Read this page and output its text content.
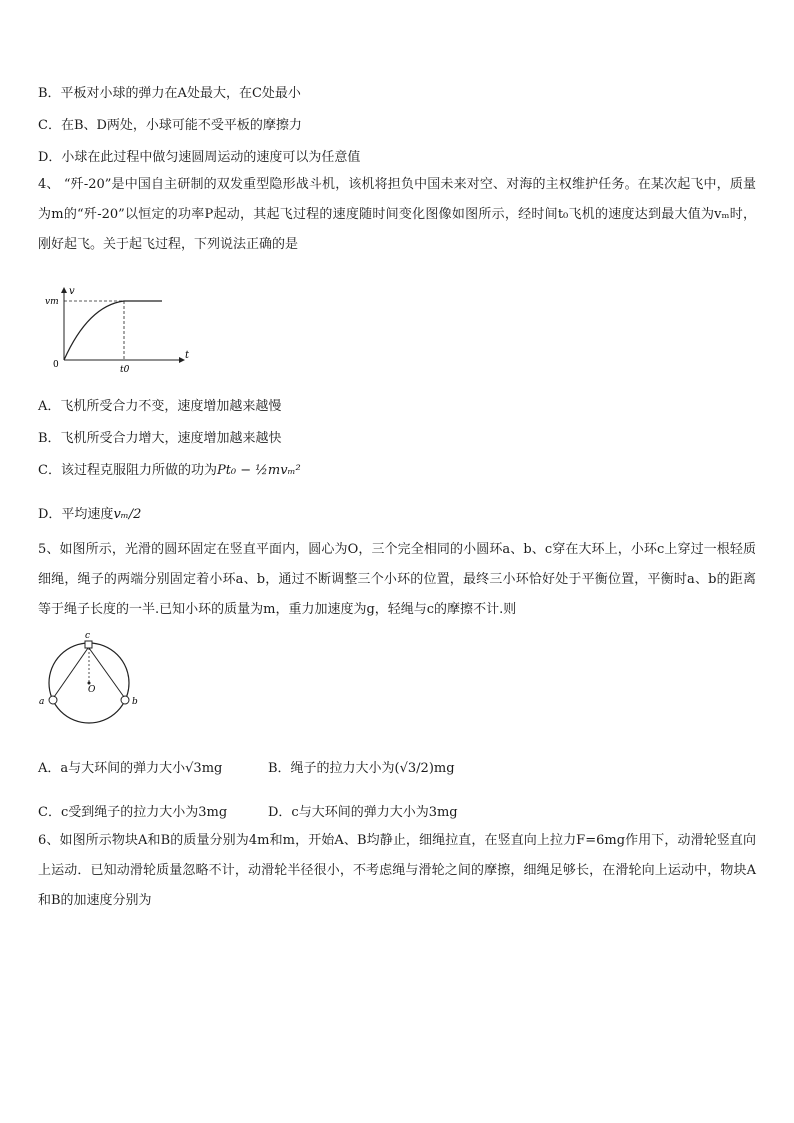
B．平板对小球的弹力在A处最大，在C处最小
C．在B、D两处，小球可能不受平板的摩擦力
D．小球在此过程中做匀速圆周运动的速度可以为任意值
4、 “歼-20”是中国自主研制的双发重型隐形战斗机，该机将担负中国未来对空、对海的主权维护任务。在某次起飞中，质量为m的“歼-20”以恒定的功率P起动，其起飞过程的速度随时间变化图像如图所示，经时间t₀飞机的速度达到最大值为vₘ时，刚好起飞。关于起飞过程，下列说法正确的是
v
t
0
vm
t0
A．飞机所受合力不变，速度增加越来越慢
B．飞机所受合力增大，速度增加越来越快
C．该过程克服阻力所做的功为Pt₀ − ½mvₘ²
D．平均速度vₘ/2
5、如图所示，光滑的圆环固定在竖直平面内，圆心为O，三个完全相同的小圆环a、b、c穿在大环上，小环c上穿过一根轻质细绳，绳子的两端分别固定着小环a、b，通过不断调整三个小环的位置，最终三小环恰好处于平衡位置，平衡时a、b的距离等于绳子长度的一半.已知小环的质量为m，重力加速度为g，轻绳与c的摩擦不计.则
c
O
a	b
A．a与大环间的弹力大小√3mg	B．绳子的拉力大小为(√3/2)mg
C．c受到绳子的拉力大小为3mg	D．c与大环间的弹力大小为3mg
6、如图所示物块A和B的质量分别为4m和m，开始A、B均静止，细绳拉直，在竖直向上拉力F=6mg作用下，动滑轮竖直向上运动．已知动滑轮质量忽略不计，动滑轮半径很小，不考虑绳与滑轮之间的摩擦，细绳足够长，在滑轮向上运动中，物块A和B的加速度分别为
